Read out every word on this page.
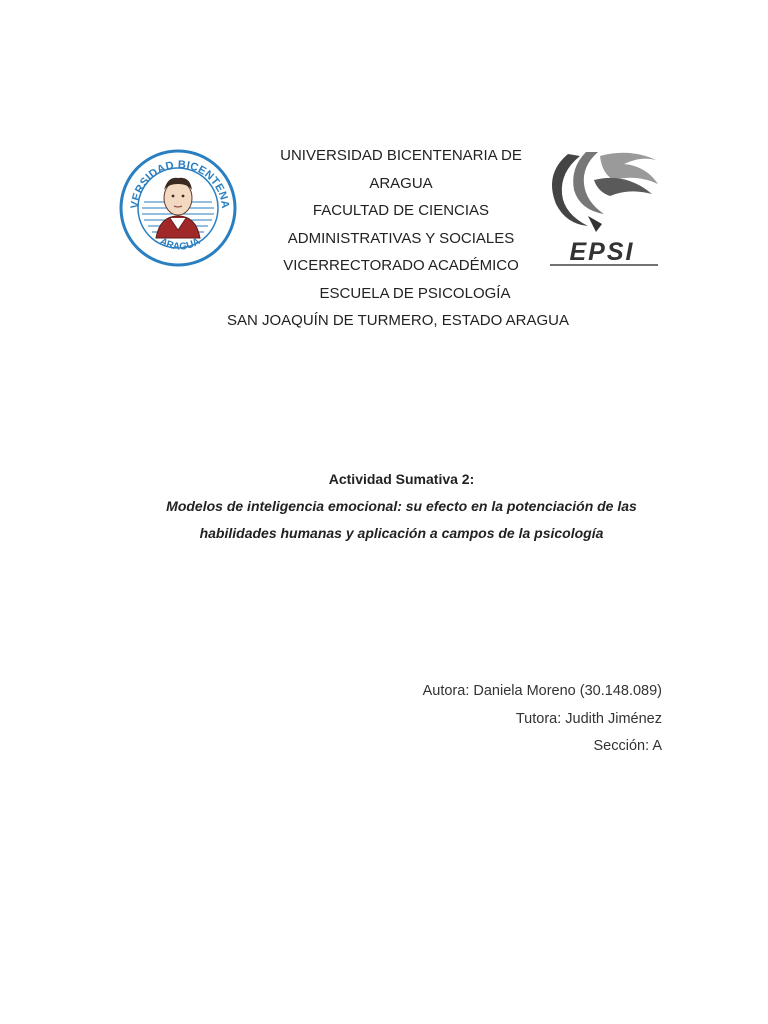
VERSIDAD BICENTENA
ARAGUA	EPSI
UNIVERSIDAD BICENTENARIA DE
ARAGUA
FACULTAD DE CIENCIAS
ADMINISTRATIVAS Y SOCIALES
VICERRECTORADO ACADÉMICO
ESCUELA DE PSICOLOGÍA
SAN JOAQUÍN DE TURMERO, ESTADO ARAGUA
Actividad Sumativa 2:
Modelos de inteligencia emocional: su efecto en la potenciación de las
habilidades humanas y aplicación a campos de la psicología
Autora: Daniela Moreno (30.148.089)
Tutora: Judith Jiménez
Sección: A
